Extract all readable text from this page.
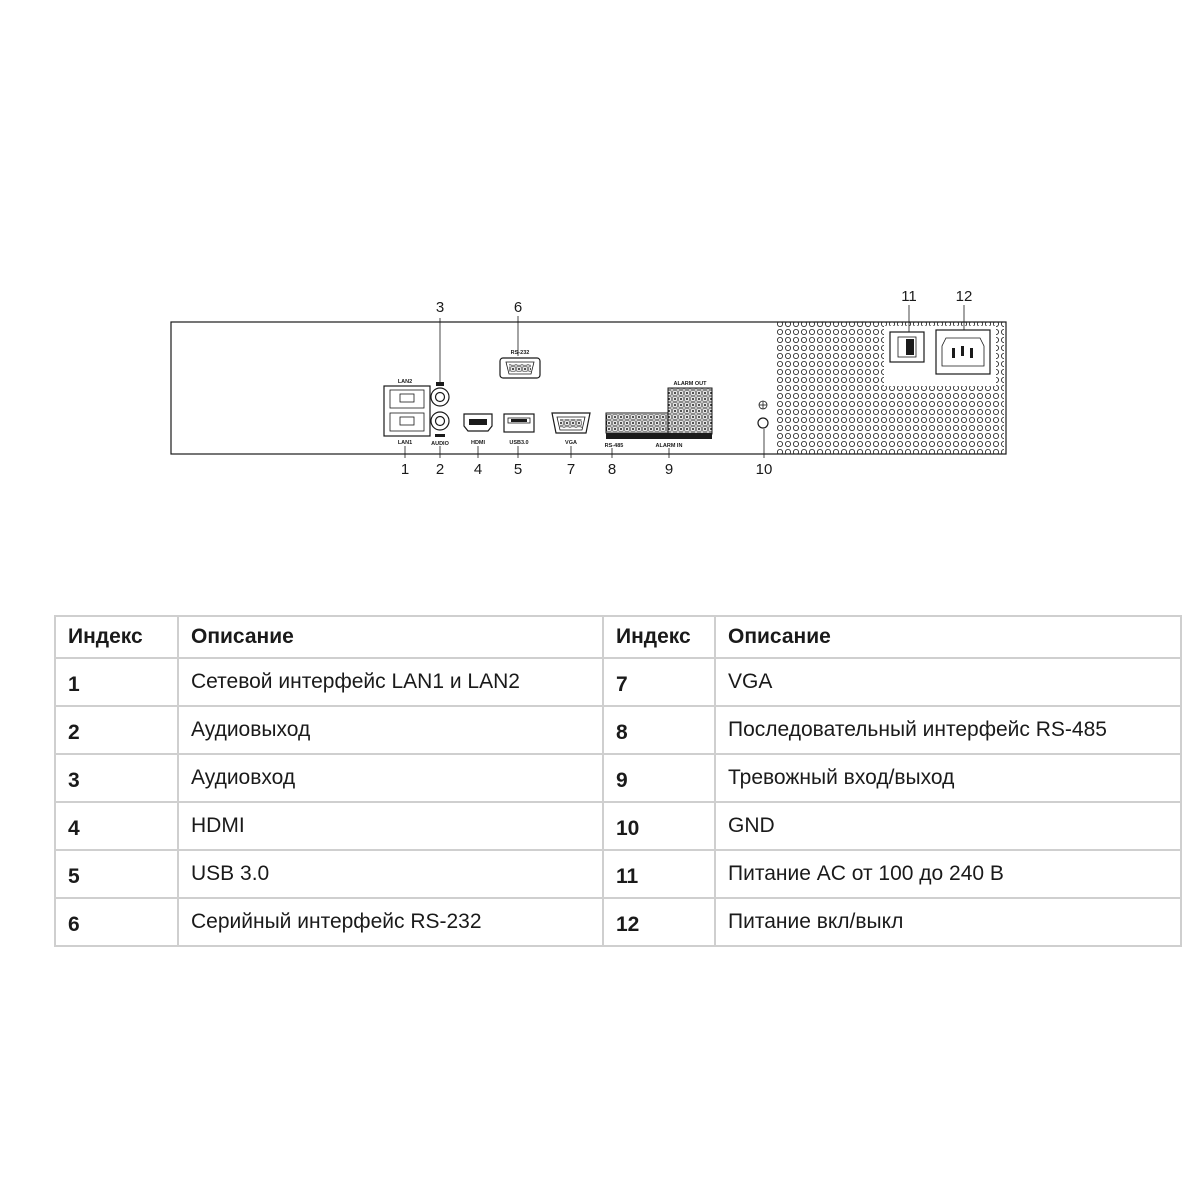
LAN2
LAN1	AUDIO	HDMI	USB3.0	VGA
RS-232
ALARM OUT
RS-485	ALARM IN
3	6
11	12
1 2 4 5	7 8	9	10
Индекс	Описание	Индекс	Описание
1	Сетевой интерфейс LAN1 и LAN2	7	VGA
2	Аудиовыход	8	Последовательный интерфейс RS-485
3	Аудиовход	9	Тревожный вход/выход
4	HDMI	10	GND
5	USB 3.0	11	Питание AC от 100 до 240 В
6	Серийный интерфейс RS-232	12	Питание вкл/выкл
